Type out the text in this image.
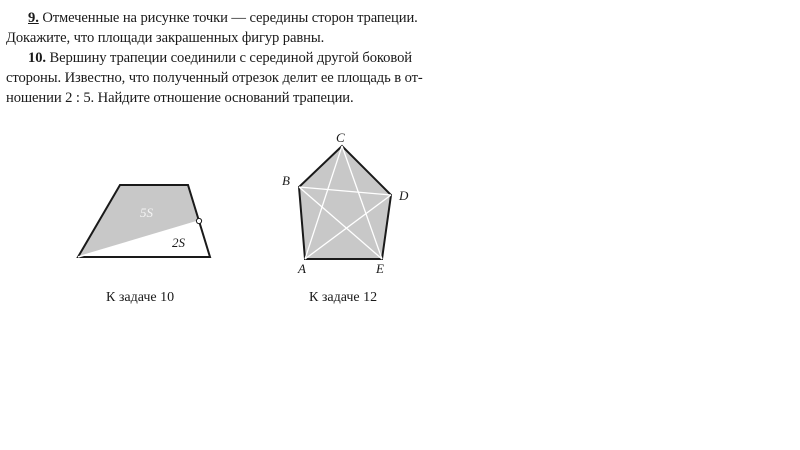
9. Отмеченные на рисунке точки — середины сторон трапеции.
Докажите, что площади закрашенных фигур равны.
10. Вершину трапеции соединили с серединой другой боковой
стороны. Известно, что полученный отрезок делит ее площадь в от-
ношении 2 : 5. Найдите отношение оснований трапеции.
5S
2S
C
B
D
A	E
К задаче 10	К задаче 12
